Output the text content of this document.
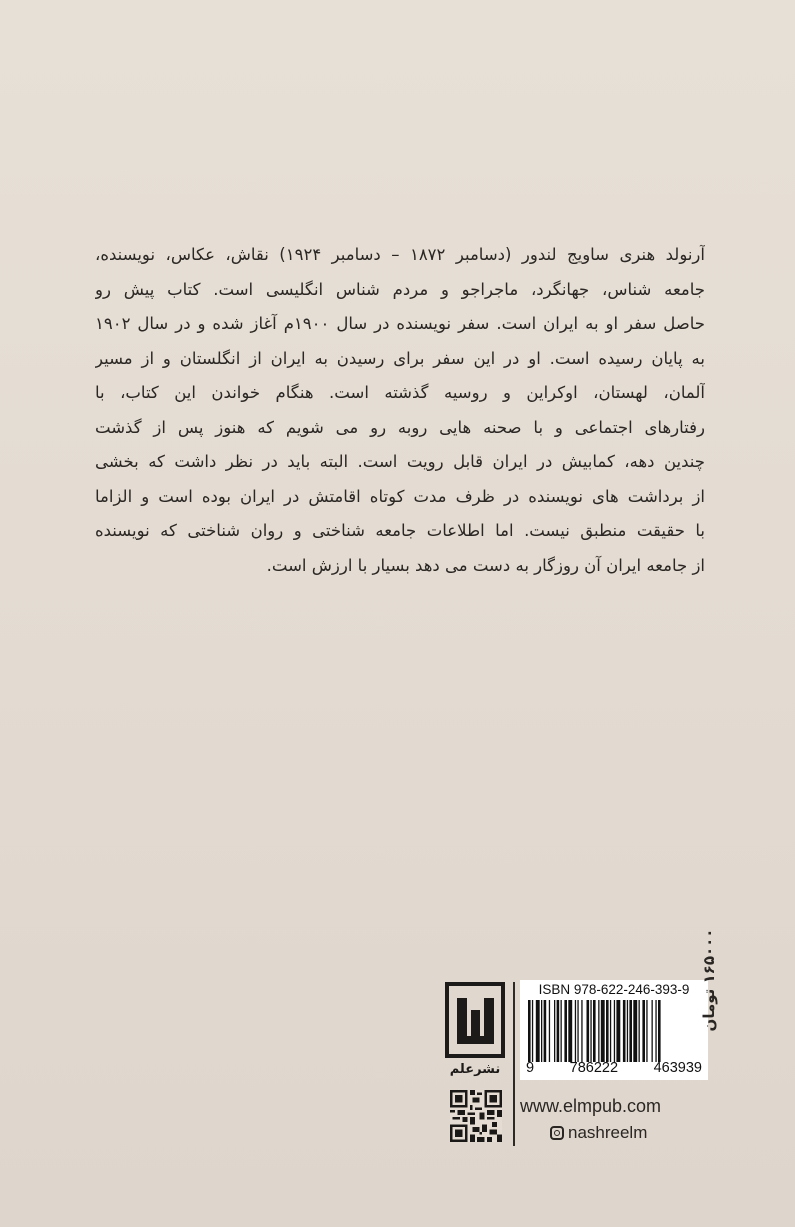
آرنولد هنری ساویج لندور (دسامبر ۱۸۷۲ – دسامبر ۱۹۲۴) نقاش، عکاس، نویسنده،
جامعه شناس، جهانگرد، ماجراجو و مردم شناس انگلیسی است. کتاب پیش رو
حاصل سفر او به ایران است. سفر نویسنده در سال ۱۹۰۰م آغاز شده و در سال ۱۹۰۲
به پایان رسیده است. او در این سفر برای رسیدن به ایران از انگلستان و از مسیر
آلمان، لهستان، اوکراین و روسیه گذشته است. هنگام خواندن این کتاب، با
رفتارهای اجتماعی و با صحنه هایی روبه رو می شویم که هنوز پس از گذشت
چندین دهه، کمابیش در ایران قابل رویت است. البته باید در نظر داشت که بخشی
از برداشت های نویسنده در ظرف مدت کوتاه اقامتش در ایران بوده است و الزاما
با حقیقت منطبق نیست. اما اطلاعات جامعه شناختی و روان شناختی که نویسنده
از جامعه ایران آن روزگار به دست می دهد بسیار با ارزش است.
نشرعلم
ISBN 978-622-246-393-9
9 786222 463939
www.elmpub.com
nashreelm
۱۶۵۰۰۰ تومان
